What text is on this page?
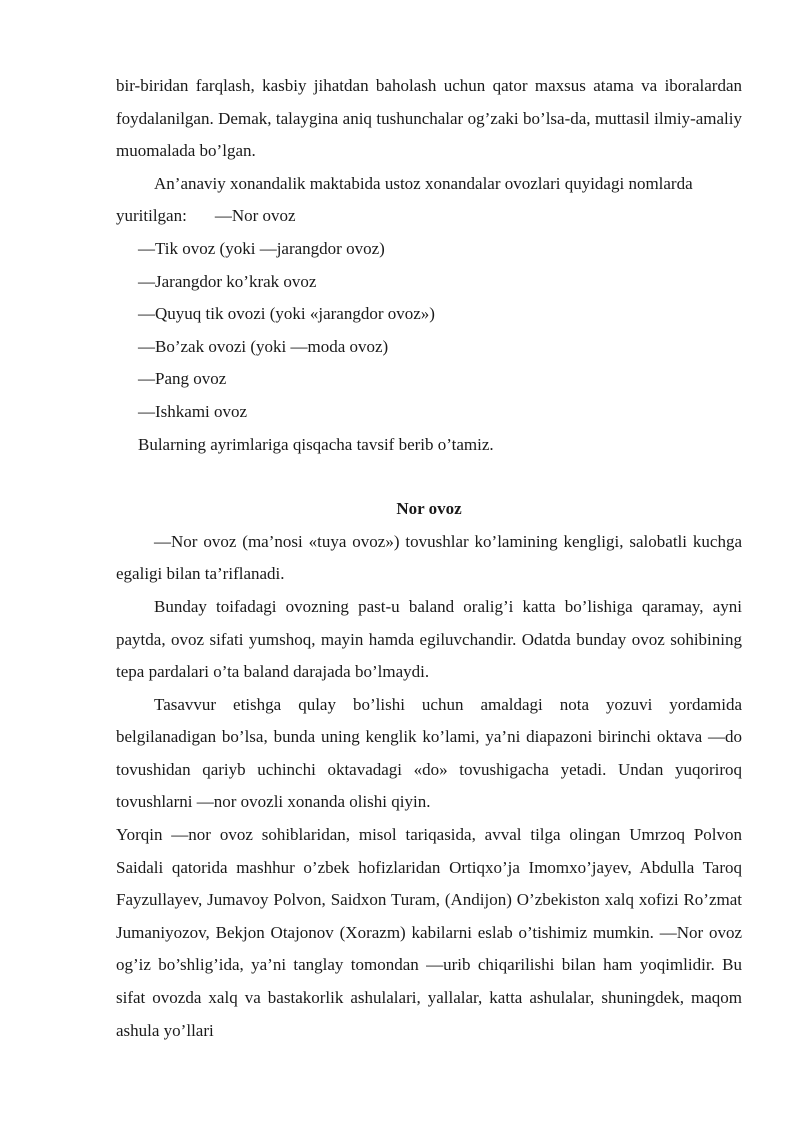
bir-biridan farqlash, kasbiy jihatdan baholash uchun qator maxsus atama va iboralardan foydalanilgan. Demak, talaygina aniq tushunchalar og’zaki bo’lsa-da, muttasil ilmiy-amaliy muomalada bo’lgan.

An’anaviy xonandalik maktabida ustoz xonandalar ovozlari quyidagi nomlarda

yuritilgan: —Nor ovoz

—Tik ovoz (yoki —jarangdor ovoz)

—Jarangdor ko’krak ovoz

—Quyuq tik ovozi (yoki «jarangdor ovoz»)

—Bo’zak ovozi (yoki —moda ovoz)

—Pang ovoz

—Ishkami ovoz

Bularning ayrimlariga qisqacha tavsif berib o’tamiz.

Nor ovoz

—Nor ovoz (ma’nosi «tuya ovoz») tovushlar ko’lamining kengligi, salobatli kuchga egaligi bilan ta’riflanadi.

Bunday toifadagi ovozning past-u baland oralig’i katta bo’lishiga qaramay, ayni paytda, ovoz sifati yumshoq, mayin hamda egiluvchandir. Odatda bunday ovoz sohibining tepa pardalari o’ta baland darajada bo’lmaydi.

Tasavvur etishga qulay bo’lishi uchun amaldagi nota yozuvi yordamida belgilanadigan bo’lsa, bunda uning kenglik ko’lami, ya’ni diapazoni birinchi oktava —do tovushidan qariyb uchinchi oktavadagi «do» tovushigacha yetadi. Undan yuqoriroq tovushlarni —nor ovozli xonanda olishi qiyin.

Yorqin —nor ovoz sohiblaridan, misol tariqasida, avval tilga olingan Umrzoq Polvon Saidali qatorida mashhur o’zbek hofizlaridan Ortiqxo’ja Imomxo’jayev, Abdulla Taroq Fayzullayev, Jumavoy Polvon, Saidxon Turam, (Andijon) O’zbekiston xalq xofizi Ro’zmat Jumaniyozov, Bekjon Otajonov (Xorazm) kabilarni eslab o’tishimiz mumkin. —Nor ovoz og’iz bo’shlig’ida, ya’ni tanglay tomondan —urib chiqarilishi bilan ham yoqimlidir. Bu sifat ovozda xalq va bastakorlik ashulalari, yallalar, katta ashulalar, shuningdek, maqom ashula yo’llari
